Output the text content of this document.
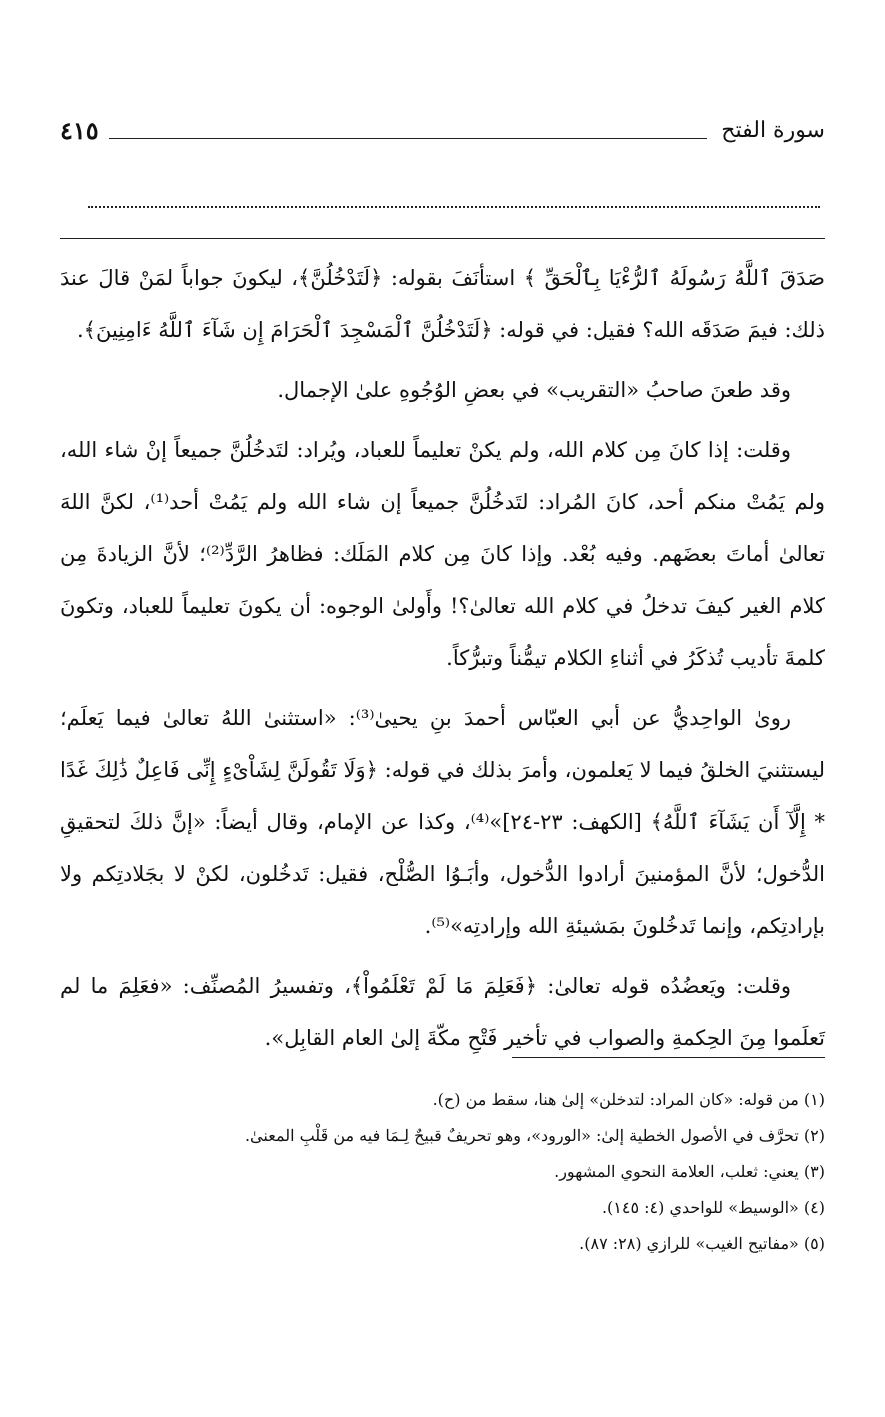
سورة الفتح
٤١٥

صَدَقَ ٱللَّهُ رَسُولَهُ ٱلرُّءْيَا بِٱلْحَقِّ ﴾ استأنَفَ بقوله: ﴿لَتَدْخُلُنَّ﴾، ليكونَ جواباً لمَنْ قالَ عندَ ذلك: فيمَ صَدَقَه الله؟ فقيل: في قوله: ﴿لَتَدْخُلُنَّ ٱلْمَسْجِدَ ٱلْحَرَامَ إِن شَآءَ ٱللَّهُ ءَامِنِينَ﴾.

وقد طعنَ صاحبُ «التقريب» في بعضِ الوُجُوهِ علىٰ الإجمال.

وقلت: إذا كانَ مِن كلام الله، ولم يكنْ تعليماً للعباد، ويُراد: لتَدخُلُنَّ جميعاً إنْ شاء الله، ولم يَمُتْ منكم أحد، كانَ المُراد: لتَدخُلُنَّ جميعاً إن شاء الله ولم يَمُتْ أحد⁽¹⁾، لكنَّ اللهَ تعالىٰ أماتَ بعضَهم. وفيه بُعْد. وإذا كانَ مِن كلام المَلَك: فظاهرُ الرَّدِّ⁽²⁾؛ لأنَّ الزيادةَ مِن كلام الغير كيفَ تدخلُ في كلام الله تعالىٰ؟! وأَولىٰ الوجوه: أن يكونَ تعليماً للعباد، وتكونَ كلمةَ تأديب تُذكَرُ في أثناءِ الكلام تيمُّناً وتبرُّكاً.

روىٰ الواحِديُّ عن أبي العبّاس أحمدَ بنِ يحيىٰ⁽³⁾: «استثنىٰ اللهُ تعالىٰ فيما يَعلَم؛ ليستثنيَ الخلقُ فيما لا يَعلمون، وأمرَ بذلك في قوله: ﴿وَلَا تَقُولَنَّ لِشَاْىْءٍ إِنِّى فَاعِلٌ ذَٰلِكَ غَدًا * إِلَّآ أَن يَشَآءَ ٱللَّهُ﴾ [الكهف: ٢٣-٢٤]»⁽⁴⁾، وكذا عن الإمام، وقال أيضاً: «إنَّ ذلكَ لتحقيقِ الدُّخول؛ لأنَّ المؤمنينَ أرادوا الدُّخول، وأبَـوُا الصُّلْح، فقيل: تَدخُلون، لكنْ لا بجَلادتِكم ولا بإرادتِكم، وإنما تَدخُلونَ بمَشيئةِ الله وإرادتِه»⁽⁵⁾.

وقلت: ويَعضُدُه قوله تعالىٰ: ﴿فَعَلِمَ مَا لَمْ تَعْلَمُواْ﴾، وتفسيرُ المُصنِّف: «فعَلِمَ ما لم تَعلَموا مِنَ الحِكمةِ والصواب في تأخير فَتْحِ مكّةَ إلىٰ العام القابِل».

(١) من قوله: «كان المراد: لتدخلن» إلىٰ هنا، سقط من (ح).

(٢) تحرَّف في الأصول الخطية إلىٰ: «الورود»، وهو تحريفٌ قبيحٌ لِـمَا فيه من قَلْبِ المعنىٰ.

(٣) يعني: ثعلب، العلامة النحوي المشهور.

(٤) «الوسيط» للواحدي (٤: ١٤٥).

(٥) «مفاتيح الغيب» للرازي (٢٨: ٨٧).
